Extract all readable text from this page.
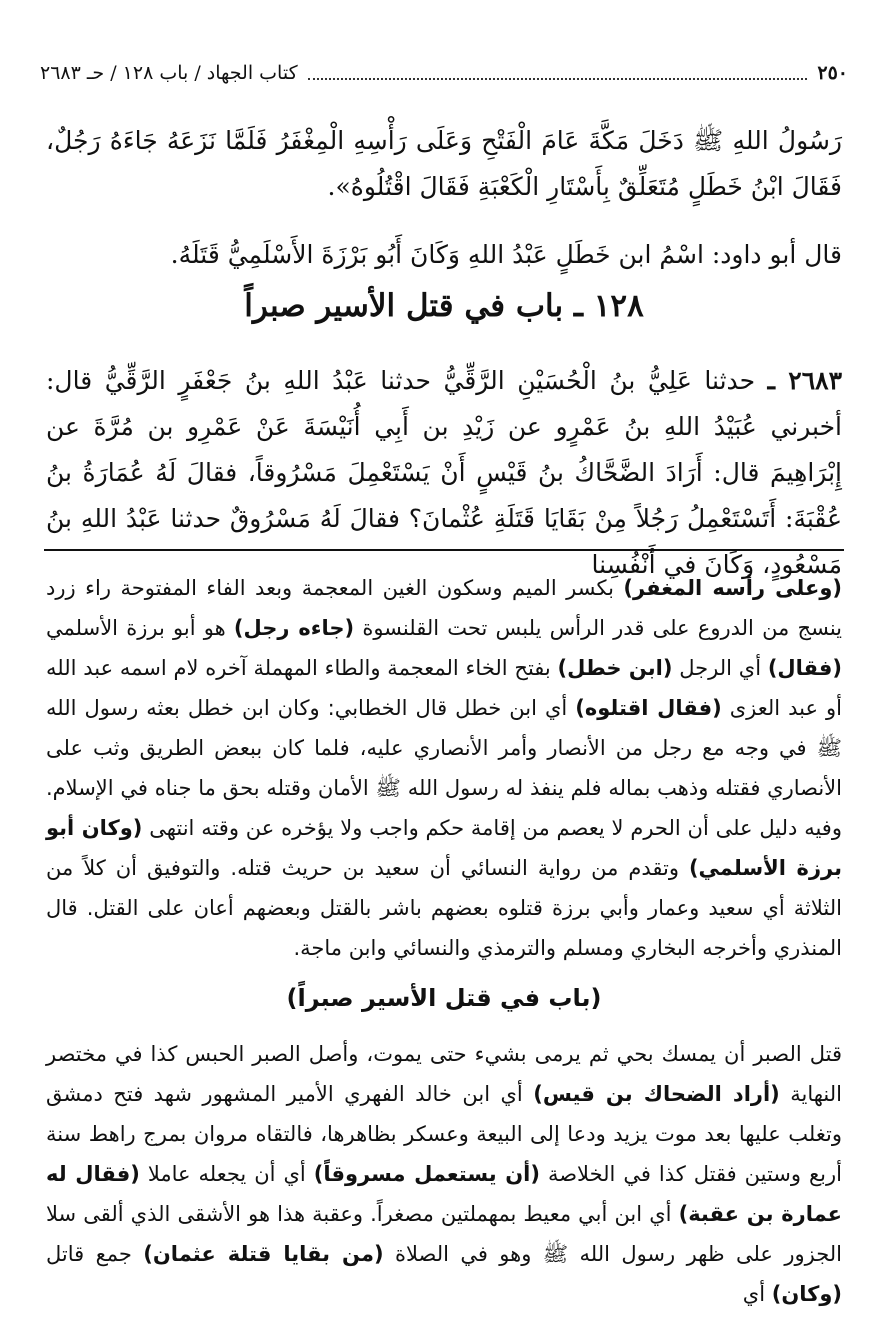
٢٥٠
كتاب الجهاد / باب ١٢٨ / حـ ٢٦٨٣
رَسُولُ اللهِ ﷺ دَخَلَ مَكَّةَ عَامَ الْفَتْحِ وَعَلَى رَأْسِهِ الْمِغْفَرُ فَلَمَّا نَزَعَهُ جَاءَهُ رَجُلٌ، فَقَالَ ابْنُ خَطَلٍ مُتَعَلِّقٌ بِأَسْتَارِ الْكَعْبَةِ فَقَالَ اقْتُلُوهُ».
قال أبو داود: اسْمُ ابن خَطَلٍ عَبْدُ اللهِ وَكَانَ أَبُو بَرْزَةَ الأَسْلَمِيُّ قَتَلَهُ.
١٢٨ ـ باب في قتل الأسير صبراً
٢٦٨٣ ـ حدثنا عَلِيُّ بنُ الْحُسَيْنِ الرَّقِّيُّ حدثنا عَبْدُ اللهِ بنُ جَعْفَرٍ الرَّقِّيُّ قال: أخبرني عُبَيْدُ اللهِ بنُ عَمْرٍو عن زَيْدِ بن أَبِي أُنَيْسَةَ عَنْ عَمْرِو بن مُرَّةَ عن إِبْرَاهِيمَ قال: أَرَادَ الضَّحَّاكُ بنُ قَيْسٍ أَنْ يَسْتَعْمِلَ مَسْرُوقاً، فقالَ لَهُ عُمَارَةُ بنُ عُقْبَةَ: أَتَسْتَعْمِلُ رَجُلاً مِنْ بَقَايَا قَتَلَةِ عُثْمانَ؟ فقالَ لَهُ مَسْرُوقٌ حدثنا عَبْدُ اللهِ بنُ مَسْعُودٍ، وَكَانَ في أَنْفُسِنا
(وعلى رأسه المغفر) بكسر الميم وسكون الغين المعجمة وبعد الفاء المفتوحة راء زرد ينسج من الدروع على قدر الرأس يلبس تحت القلنسوة (جاءه رجل) هو أبو برزة الأسلمي (فقال) أي الرجل (ابن خطل) بفتح الخاء المعجمة والطاء المهملة آخره لام اسمه عبد الله أو عبد العزى (فقال اقتلوه) أي ابن خطل قال الخطابي: وكان ابن خطل بعثه رسول الله ﷺ في وجه مع رجل من الأنصار وأمر الأنصاري عليه، فلما كان ببعض الطريق وثب على الأنصاري فقتله وذهب بماله فلم ينفذ له رسول الله ﷺ الأمان وقتله بحق ما جناه في الإسلام. وفيه دليل على أن الحرم لا يعصم من إقامة حكم واجب ولا يؤخره عن وقته انتهى (وكان أبو برزة الأسلمي) وتقدم من رواية النسائي أن سعيد بن حريث قتله. والتوفيق أن كلاً من الثلاثة أي سعيد وعمار وأبي برزة قتلوه بعضهم باشر بالقتل وبعضهم أعان على القتل. قال المنذري وأخرجه البخاري ومسلم والترمذي والنسائي وابن ماجة.
(باب في قتل الأسير صبراً)
قتل الصبر أن يمسك بحي ثم يرمى بشيء حتى يموت، وأصل الصبر الحبس كذا في مختصر النهاية (أراد الضحاك بن قيس) أي ابن خالد الفهري الأمير المشهور شهد فتح دمشق وتغلب عليها بعد موت يزيد ودعا إلى البيعة وعسكر بظاهرها، فالتقاه مروان بمرج راهط سنة أربع وستين فقتل كذا في الخلاصة (أن يستعمل مسروقاً) أي أن يجعله عاملا (فقال له عمارة بن عقبة) أي ابن أبي معيط بمهملتين مصغراً. وعقبة هذا هو الأشقى الذي ألقى سلا الجزور على ظهر رسول الله ﷺ وهو في الصلاة (من بقايا قتلة عثمان) جمع قاتل (وكان) أي
